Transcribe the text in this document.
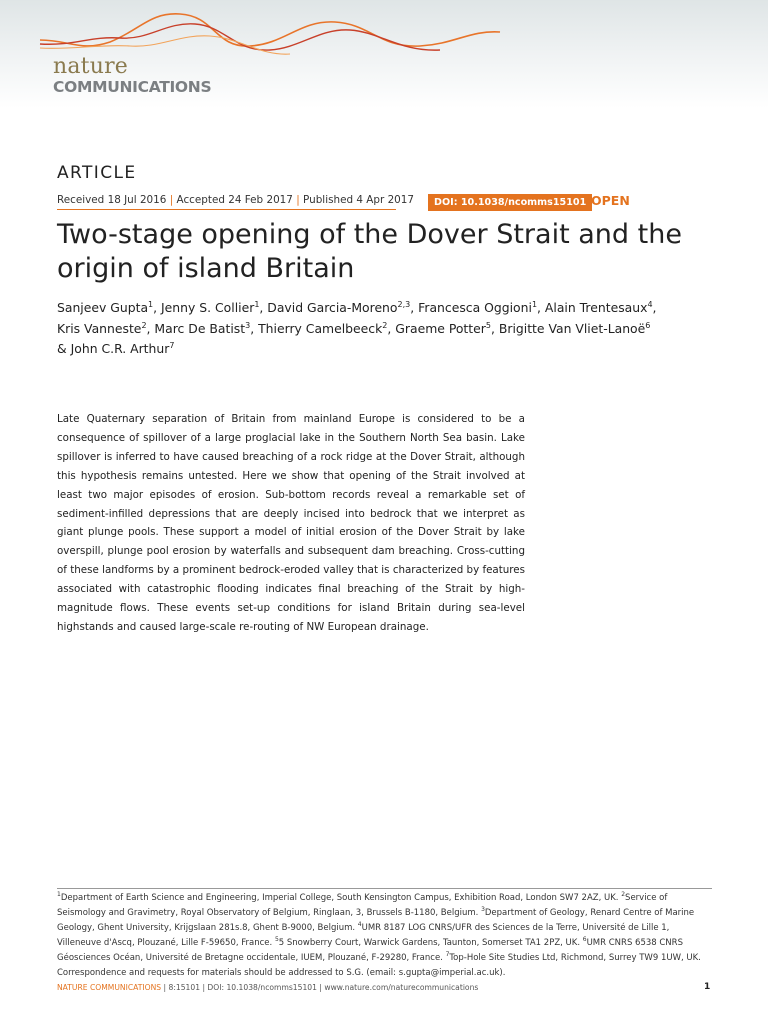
nature
COMMUNICATIONS
ARTICLE
Received 18 Jul 2016 | Accepted 24 Feb 2017 | Published 4 Apr 2017	DOI: 10.1038/ncomms15101 OPEN
Two-stage opening of the Dover Strait and the origin of island Britain
Sanjeev Gupta$^1$, Jenny S. Collier$^1$, David Garcia-Moreno$^{2,3}$, Francesca Oggioni$^1$, Alain Trentesaux$^4$,
Kris Vanneste$^2$, Marc De Batist$^3$, Thierry Camelbeeck$^2$, Graeme Potter$^5$, Brigitte Van Vliet-Lanoë$^6$
& John C.R. Arthur$^7$

Late Quaternary separation of Britain from mainland Europe is considered to be a consequence of spillover of a large proglacial lake in the Southern North Sea basin. Lake spillover is inferred to have caused breaching of a rock ridge at the Dover Strait, although this hypothesis remains untested. Here we show that opening of the Strait involved at least two major episodes of erosion. Sub-bottom records reveal a remarkable set of sediment-infilled depressions that are deeply incised into bedrock that we interpret as giant plunge pools. These support a model of initial erosion of the Dover Strait by lake overspill, plunge pool erosion by waterfalls and subsequent dam breaching. Cross-cutting of these landforms by a prominent bedrock-eroded valley that is characterized by features associated with catastrophic flooding indicates final breaching of the Strait by high-magnitude flows. These events set-up conditions for island Britain during sea-level highstands and caused large-scale re-routing of NW European drainage.

$^1$Department of Earth Science and Engineering, Imperial College, South Kensington Campus, Exhibition Road, London SW7 2AZ, UK. $^2$Service of Seismology and Gravimetry, Royal Observatory of Belgium, Ringlaan, 3, Brussels B-1180, Belgium. $^3$Department of Geology, Renard Centre of Marine Geology, Ghent University, Krijgslaan 281s.8, Ghent B-9000, Belgium. $^4$UMR 8187 LOG CNRS/UFR des Sciences de la Terre, Université de Lille 1, Villeneuve d'Ascq, Plouzané, Lille F-59650, France. $^5$5 Snowberry Court, Warwick Gardens, Taunton, Somerset TA1 2PZ, UK. $^6$UMR CNRS 6538 CNRS Géosciences Océan, Université de Bretagne occidentale, IUEM, Plouzané, F-29280, France. $^7$Top-Hole Site Studies Ltd, Richmond, Surrey TW9 1UW, UK. Correspondence and requests for materials should be addressed to S.G. (email: s.gupta@imperial.ac.uk).
NATURE COMMUNICATIONS | 8:15101 | DOI: 10.1038/ncomms15101 | www.nature.com/naturecommunications	1
